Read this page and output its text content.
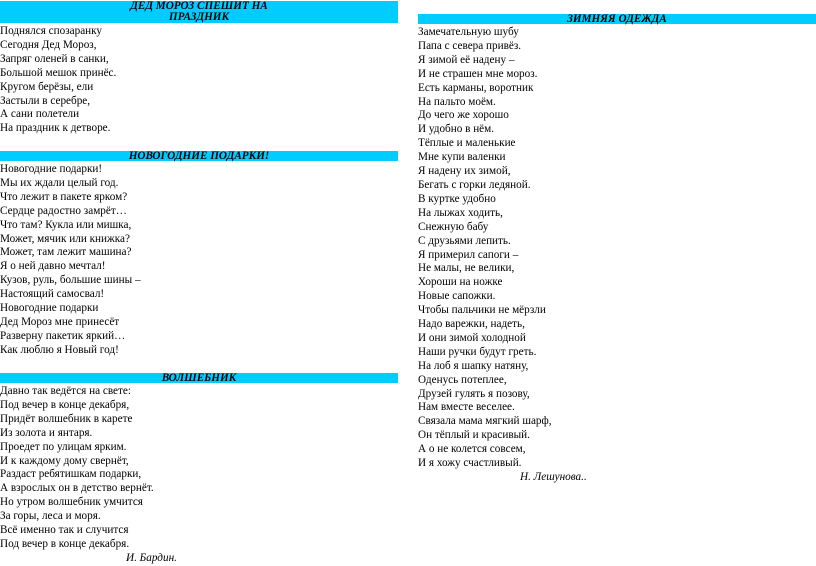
ДЕД МОРОЗ СПЕШИТ НА
ПРАЗДНИК
Поднялся спозаранку
Сегодня Дед Мороз,
Запряг оленей в санки,
Большой мешок принёс.
Кругом берёзы, ели
Застыли в серебре,
А сани полетели
На праздник к детворе.
НОВОГОДНИЕ ПОДАРКИ!
Новогодние подарки!
Мы их ждали целый год.
Что лежит в пакете ярком?
Сердце радостно замрёт…
Что там? Кукла или мишка,
Может, мячик или книжка?
Может, там лежит машина?
Я о ней давно мечтал!
Кузов, руль, большие шины –
Настоящий самосвал!
Новогодние подарки
Дед Мороз мне принесёт
Разверну пакетик яркий…
Как люблю я Новый год!
ВОЛШЕБНИК
Давно так ведётся на свете:
Под вечер в конце декабря,
Придёт волшебник в карете
Из золота и янтаря.
Проедет по улицам ярким.
И к каждому дому свернёт,
Раздаст ребятишкам подарки,
А взрослых он в детство вернёт.
Но утром волшебник умчится
За горы, леса и моря.
Всё именно так и случится
Под вечер в конце декабря.
И. Бардин.
ЗИМНЯЯ ОДЕЖДА
Замечательную шубу
Папа с севера привёз.
Я зимой её надену –
И не страшен мне мороз.
Есть карманы, воротник
На пальто моём.
До чего же хорошо
И удобно в нём.
Тёплые и маленькие
Мне купи валенки
Я надену их зимой,
Бегать с горки ледяной.
В куртке удобно
На лыжах ходить,
Снежную бабу
С друзьями лепить.
Я примерил сапоги –
Не малы, не велики,
Хороши на ножке
Новые сапожки.
Чтобы пальчики не мёрзли
Надо варежки, надеть,
И они зимой холодной
Наши ручки будут греть.
На лоб я шапку натяну,
Оденусь потеплее,
Друзей гулять я позову,
Нам вместе веселее.
Связала мама мягкий шарф,
Он тёплый и красивый.
А о не колется совсем,
И я хожу счастливый.
Н. Лешунова..
